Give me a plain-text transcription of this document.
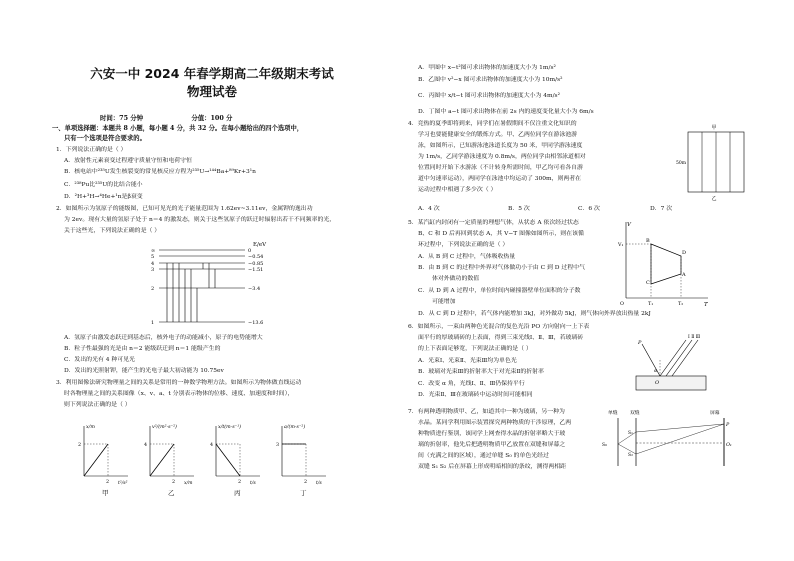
六安一中 2024 年春学期高二年级期末考试
物理试卷
时间：75 分钟	分值：100 分
一、单项选择题：本题共 8 小题，每小题 4 分，共 32 分。在每小题给出的四个选项中，
只有一个选项是符合要求的。
1．下列说法正确的是（ ）
A．放射性元素衰变过程遵守质量守恒和电荷守恒
B．核电站中²³⁵U发生核裂变的常见核反应方程为²³⁵U→¹⁴⁴Ba+⁸⁹Kr+3¹n
C．²³⁸Pu比²³⁵U的比结合能小
D．²H+³H→⁴He+¹n是β衰变
2．如图所示为氢原子的能级图，已知可见光的光子能量范围为 1.62ev~3.11ev，金属钾的逸出功
为 2ev。现有大量的氢原子处于 n＝4 的激发态，则关于这些氢原子的跃迁时辐射出若干不同频率的光，
关于这些光，下列说法正确的是（ ）
E/eV
∞	0
5	−0.54
4	−0.85
3	−1.51
2	−3.4
1	−13.6
A．氢原子由激发态跃迁到基态后，核外电子的动能减小，原子的电势能增大
B．粒子性最强的光是由 n＝2 能级跃迁到 n＝1 能级产生的
C．发出的光有 4 种可见光
D．发出的光照射钾，能产生的光电子最大初动能为 10.75ev
3．利用图像法研究物理量之间的关系是常用的一种数学物理方法。如图所示为物体做直线运动
时各物理量之间的关系图像（x、v、a、t 分别表示物体的位移、速度、加速度和时间），
则下列说法正确的是（ ）
x/m
t²/s²
2
2
甲
v²/(m²·s⁻²)
x/m
4
2
乙
x/t(m·s⁻¹)
t/s
4
2
丙
a/(m·s⁻²)
t/s
3
2
丁
A．甲图中 x−t²图可求出物体的加速度大小为 1m/s²
B．乙图中 v²−x 图可求出物体的加速度大小为 10m/s²
C．丙图中 x/t−t 图可求出物体的加速度大小为 4m/s²
D．丁图中 a−t 图可求出物体在前 2s 内的速度变化量大小为 6m/s
4．竞热的夏季即将到来，同学们在暑假期间不仅注重文化知识的
学习也要能健康安全的锻炼方式。甲、乙两位同学在游泳池游
泳，如图所示，已知游泳池泳道长度为 50 米，甲同学游泳速度
为 1m/s，乙同学游泳速度为 0.8m/s，两位同学由相邻泳道相对
位置同时开始下水游泳（不计转身所需时间，甲乙均可看各自游
道中匀速率运动），两同学在泳池中均运动了 300m，则两者在
运动过程中相遇了多少次（ ）
A．4 次	B．5 次	C．6 次	D．7 次
甲
50m
乙
5．某汽缸内封闭有一定质量的理想气体，从状态 A 依次经过状态
B、C 和 D 后再回到状态 A，其 V−T 图像如图所示，则在该循
环过程中，下列说法正确的是（ ）
A．从 B 到 C 过程中，气体吸收热量
B．由 B 到 C 的过程中外界对气体做功小于由 C 到 D 过程中气
体对外做功的数值
C．从 D 到 A 过程中，单位时间内碰撞器壁单位面积的分子数
可能增加
D．从 C 到 D 过程中，若气体内能增加 3kJ，对外做功 5kJ，则气体向外界放出热量 2kJ
V
T
V₁
O	T₁	T₂
B
D
A
C
6．如图所示，一束由两种色光混合的复色光沿 PO 方向射向一上下表
面平行的厚玻璃砖的上表面，得到三束光线Ⅰ、Ⅱ、Ⅲ，若玻璃砖
的上下表面足够宽，下列说法正确的是（ ）
A．光束Ⅰ、光束Ⅱ、光束Ⅲ均为单色光
B．玻璃对光束Ⅲ的折射率大于对光束Ⅱ的折射率
C．改变 α 角，光线Ⅰ、Ⅱ、Ⅲ仍保持平行
D．光束Ⅱ、Ⅲ在玻璃砖中运动时间可能相同
Ⅰ Ⅱ Ⅲ
P
α
O
7．有两种透明物质甲、乙，如道其中一种为玻璃，另一种为
水晶。某同学利用图示装置探究两种物质的干涉原理，乙两
种物质进行鉴别，该同学上网查得水晶的折射率略大于玻
璃的折射率，他先后把透明物质甲乙放置在双缝和屏幕之
间（充满之间的区域），通过单缝 S₀ 的单色光经过
双缝 S₁ S₂ 后在屏幕上形成明暗相间的条纹，测得两相距
单缝	双缝	屏幕
S₀
S₁
S₂
P
O₁
